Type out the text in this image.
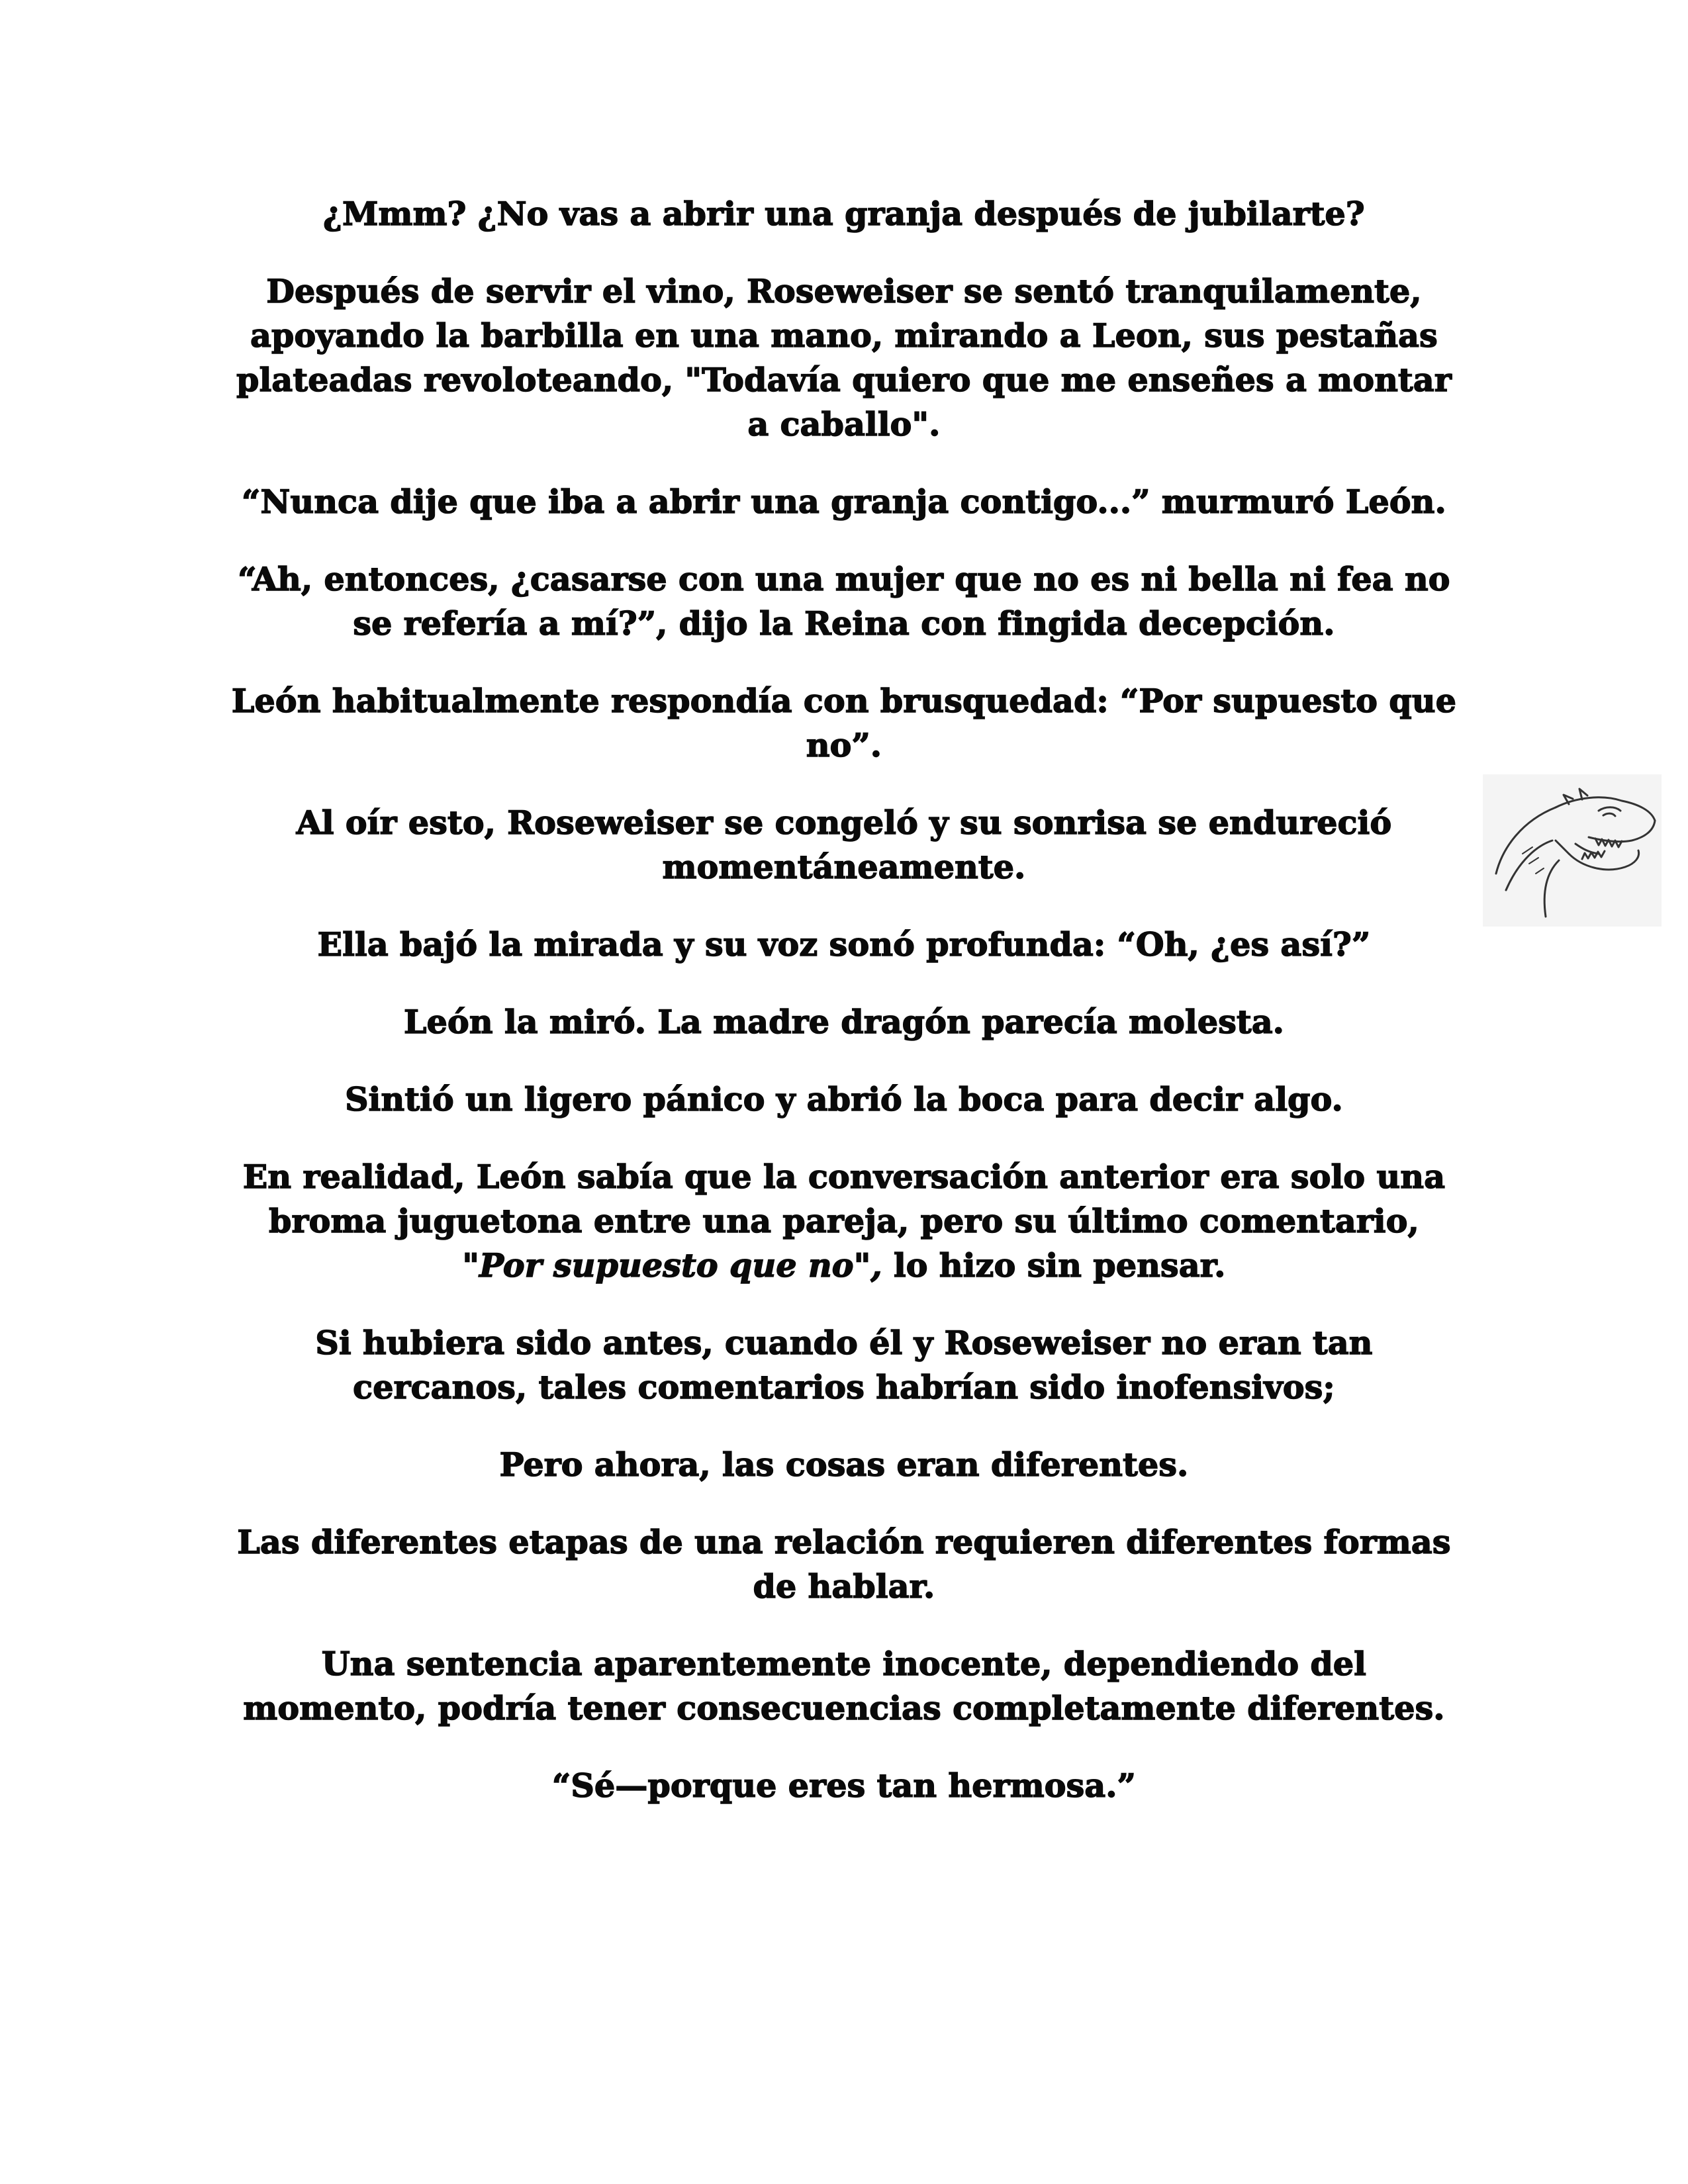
¿Mmm? ¿No vas a abrir una granja después de jubilarte?

Después de servir el vino, Roseweiser se sentó tranquilamente, apoyando la barbilla en una mano, mirando a Leon, sus pestañas plateadas revoloteando, "Todavía quiero que me enseñes a montar a caballo".

“Nunca dije que iba a abrir una granja contigo...” murmuró León.

“Ah, entonces, ¿casarse con una mujer que no es ni bella ni fea no se refería a mí?”, dijo la Reina con fingida decepción.

León habitualmente respondía con brusquedad: “Por supuesto que no”.

Al oír esto, Roseweiser se congeló y su sonrisa se endureció momentáneamente.

Ella bajó la mirada y su voz sonó profunda: “Oh, ¿es así?”

León la miró. La madre dragón parecía molesta.

Sintió un ligero pánico y abrió la boca para decir algo.

En realidad, León sabía que la conversación anterior era solo una broma juguetona entre una pareja, pero su último comentario, "Por supuesto que no", lo hizo sin pensar.

Si hubiera sido antes, cuando él y Roseweiser no eran tan cercanos, tales comentarios habrían sido inofensivos;

Pero ahora, las cosas eran diferentes.

Las diferentes etapas de una relación requieren diferentes formas de hablar.

Una sentencia aparentemente inocente, dependiendo del momento, podría tener consecuencias completamente diferentes.

“Sé—porque eres tan hermosa.”
